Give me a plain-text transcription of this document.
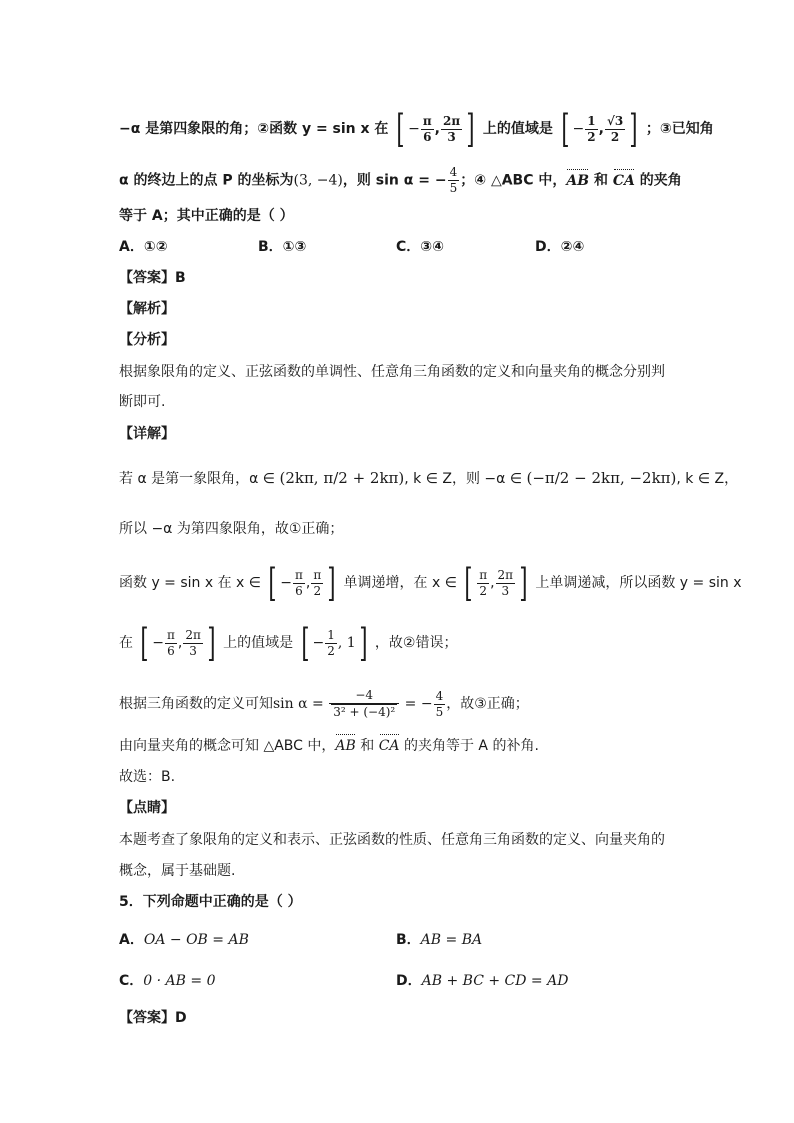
−α 是第四象限的角；②函数 y = sin x 在 [ − $\frac{\pi}{6}$ , $\frac{2\pi}{3}$ ] 上的值域是 [ − $\frac{1}{2}$ , $\frac{√3}{2}$ ] ；③已知角
α 的终边上的点 P 的坐标为(3, −4)，则 sin α = − $\frac{4}{5}$ ；④ △ABC 中，AB 和 CA 的夹角
等于 A；其中正确的是（ ）
A．①②	B．①③	C．③④	D．②④
【答案】B
【解析】
【分析】
根据象限角的定义、正弦函数的单调性、任意角三角函数的定义和向量夹角的概念分别判
断即可.
【详解】
若 α 是第一象限角，α ∈ (2kπ, π/2 + 2kπ), k ∈ Z，则 −α ∈ (−π/2 − 2kπ, −2kπ), k ∈ Z，
所以 −α 为第四象限角，故①正确；
函数 y = sin x 在 x ∈ [ − $\frac{\pi}{6}$ , $\frac{\pi}{2}$ ] 单调递增，在 x ∈ [ $\frac{\pi}{2}$ , $\frac{2\pi}{3}$ ] 上单调递减，所以函数 y = sin x
在 [ − $\frac{\pi}{6}$ , $\frac{2\pi}{3}$ ] 上的值域是 [ − $\frac{1}{2}$ , 1] ，故②错误；
根据三角函数的定义可知$\sin \alpha = \frac{-4}{\text{3² + (−4)²}}$ = − $\frac{4}{5}$ ，故③正确；
由向量夹角的概念可知 △ABC 中，AB 和 CA 的夹角等于 A 的补角.
故选：B.
【点睛】
本题考查了象限角的定义和表示、正弦函数的性质、任意角三角函数的定义、向量夹角的
概念，属于基础题.
5．下列命题中正确的是（ ）
A．OA − OB = AB	B．AB = BA
C．0 · AB = 0	D．AB + BC + CD = AD
【答案】D
